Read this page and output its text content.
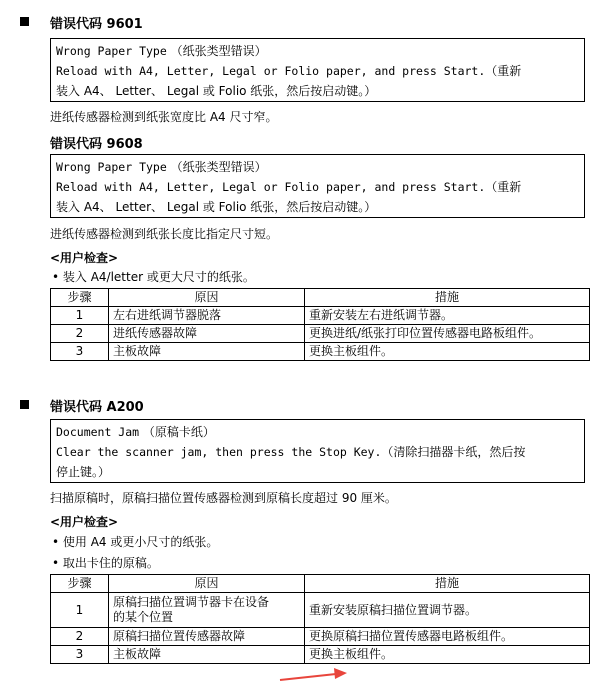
错误代码 9601
Wrong Paper Type （纸张类型错误）
Reload with A4, Letter, Legal or Folio paper, and press Start.（重新
装入 A4、 Letter、 Legal 或 Folio 纸张，然后按启动键。）
进纸传感器检测到纸张宽度比 A4 尺寸窄。
错误代码 9608
Wrong Paper Type （纸张类型错误）
Reload with A4, Letter, Legal or Folio paper, and press Start.（重新
装入 A4、 Letter、 Legal 或 Folio 纸张，然后按启动键。）
进纸传感器检测到纸张长度比指定尺寸短。
<用户检查>
• 装入 A4/letter 或更大尺寸的纸张。
步骤	原因	措施
1	左右进纸调节器脱落	重新安装左右进纸调节器。
2	进纸传感器故障	更换进纸/纸张打印位置传感器电路板组件。
3	主板故障	更换主板组件。
错误代码 A200
Document Jam （原稿卡纸）
Clear the scanner jam, then press the Stop Key.（清除扫描器卡纸，然后按
停止键。）
扫描原稿时，原稿扫描位置传感器检测到原稿长度超过 90 厘米。
<用户检查>
• 使用 A4 或更小尺寸的纸张。
• 取出卡住的原稿。
步骤	原因	措施
1	原稿扫描位置调节器卡在设备
的某个位置	重新安装原稿扫描位置调节器。
2	原稿扫描位置传感器故障	更换原稿扫描位置传感器电路板组件。
3	主板故障	更换主板组件。
